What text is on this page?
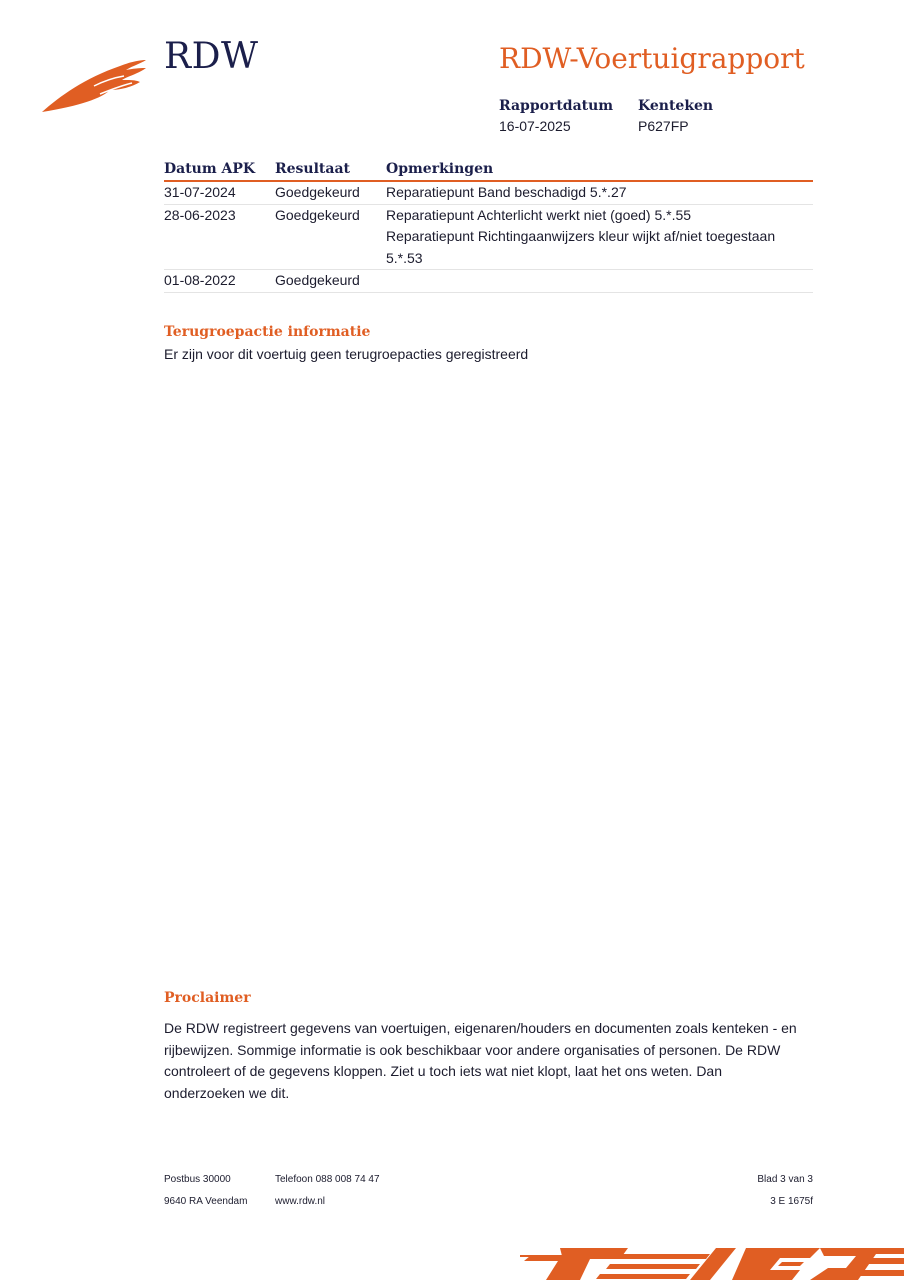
RDW	RDW-Voertuigrapport
Rapportdatum
16-07-2025
Kenteken
P627FP
Datum APK	Resultaat	Opmerkingen
31-07-2024	Goedgekeurd	Reparatiepunt Band beschadigd 5.*.27

28-06-2023	Goedgekeurd	Reparatiepunt Achterlicht werkt niet (goed) 5.*.55
Reparatiepunt Richtingaanwijzers kleur wijkt af/niet toegestaan 5.*.53

01-08-2022	Goedgekeurd	
Terugroepactie informatie
Er zijn voor dit voertuig geen terugroepacties geregistreerd
Proclaimer
De RDW registreert gegevens van voertuigen, eigenaren/houders en documenten zoals kenteken - en rijbewijzen. Sommige informatie is ook beschikbaar voor andere organisaties of personen. De RDW controleert of de gegevens kloppen. Ziet u toch iets wat niet klopt, laat het ons weten. Dan onderzoeken we dit.
Postbus 30000
9640 RA Veendam
Telefoon 088 008 74 47
www.rdw.nl
Blad 3 van 3
3 E 1675f
